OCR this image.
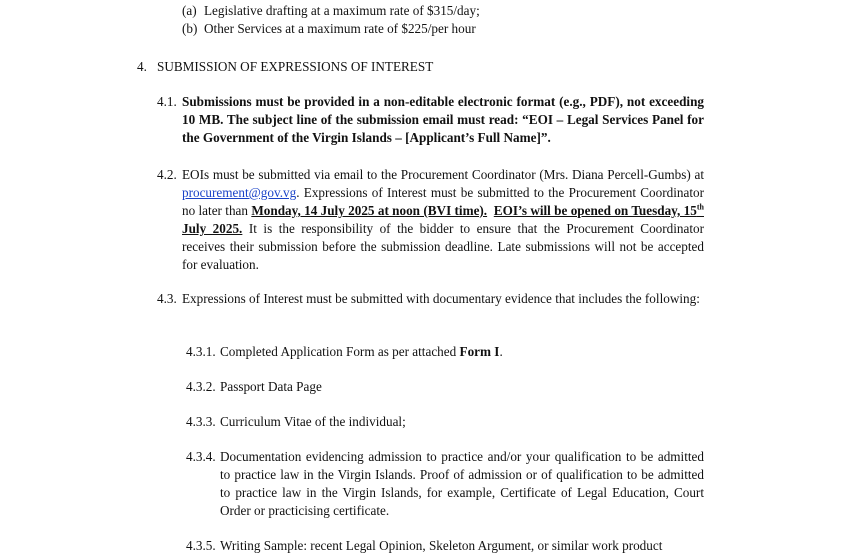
(a) Legislative drafting at a maximum rate of $315/day;
(b) Other Services at a maximum rate of $225/per hour
4. SUBMISSION OF EXPRESSIONS OF INTEREST
4.1. Submissions must be provided in a non-editable electronic format (e.g., PDF), not exceeding 10 MB. The subject line of the submission email must read: “EOI – Legal Services Panel for the Government of the Virgin Islands – [Applicant’s Full Name]”.
4.2. EOIs must be submitted via email to the Procurement Coordinator (Mrs. Diana Percell-Gumbs) at procurement@gov.vg. Expressions of Interest must be submitted to the Procurement Coordinator no later than Monday, 14 July 2025 at noon (BVI time). EOI’s will be opened on Tuesday, 15th July 2025. It is the responsibility of the bidder to ensure that the Procurement Coordinator receives their submission before the submission deadline. Late submissions will not be accepted for evaluation.
4.3. Expressions of Interest must be submitted with documentary evidence that includes the following:
4.3.1. Completed Application Form as per attached Form I.
4.3.2. Passport Data Page
4.3.3. Curriculum Vitae of the individual;
4.3.4. Documentation evidencing admission to practice and/or your qualification to be admitted to practice law in the Virgin Islands. Proof of admission or of qualification to be admitted to practice law in the Virgin Islands, for example, Certificate of Legal Education, Court Order or practicising certificate.
4.3.5. Writing Sample: recent Legal Opinion, Skeleton Argument, or similar work product
